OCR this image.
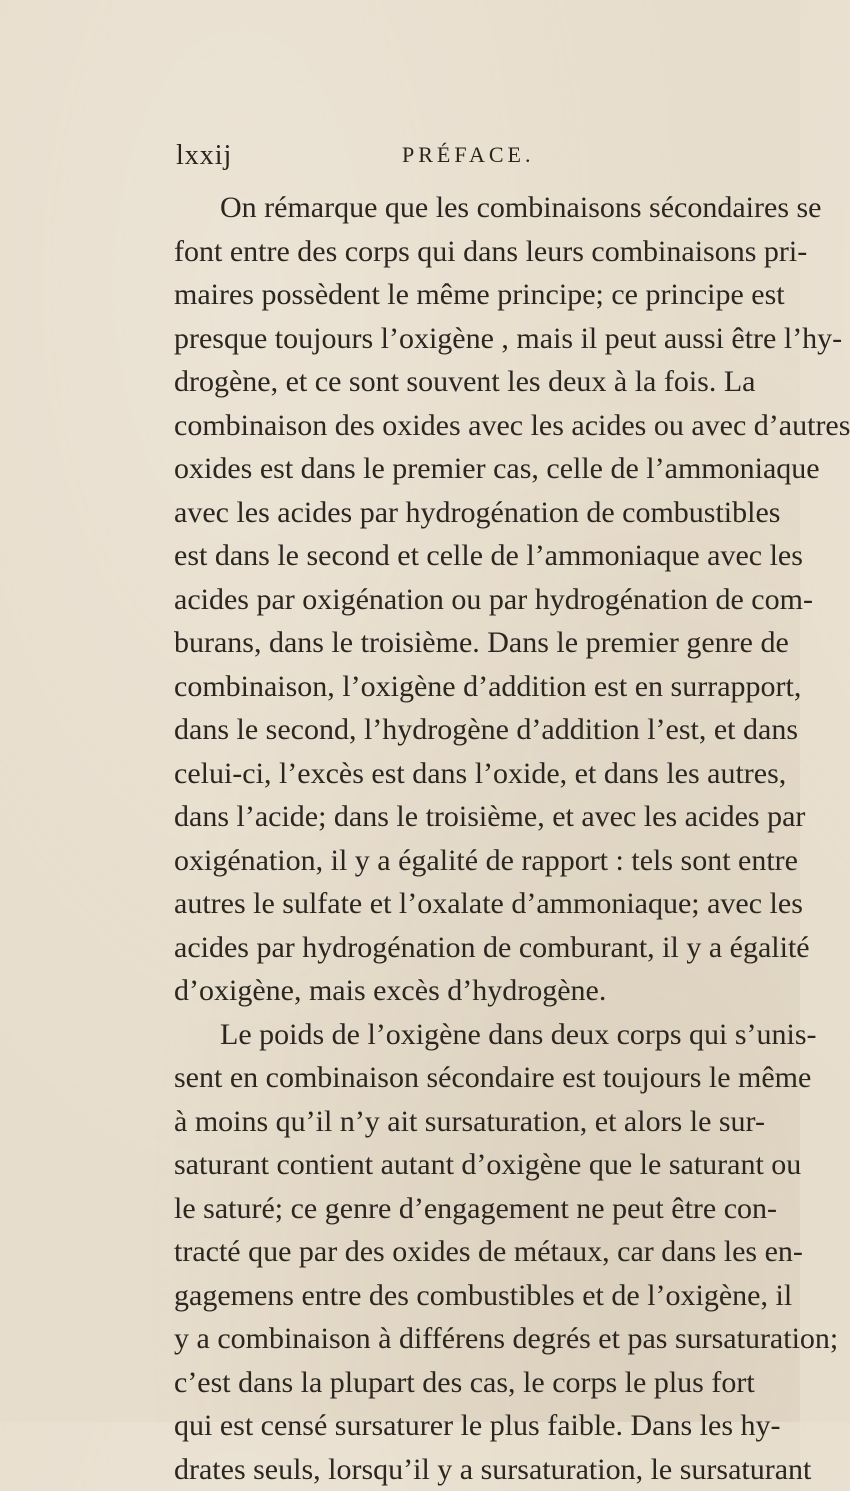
lxxij	PRÉFACE.
On rémarque que les combinaisons sécondaires se
font entre des corps qui dans leurs combinaisons pri-
maires possèdent le même principe; ce principe est
presque toujours l’oxigène , mais il peut aussi être l’hy-
drogène, et ce sont souvent les deux à la fois. La
combinaison des oxides avec les acides ou avec d’autres
oxides est dans le premier cas, celle de l’ammoniaque
avec les acides par hydrogénation de combustibles
est dans le second et celle de l’ammoniaque avec les
acides par oxigénation ou par hydrogénation de com-
burans, dans le troisième. Dans le premier genre de
combinaison, l’oxigène d’addition est en surrapport,
dans le second, l’hydrogène d’addition l’est, et dans
celui-ci, l’excès est dans l’oxide, et dans les autres,
dans l’acide; dans le troisième, et avec les acides par
oxigénation, il y a égalité de rapport : tels sont entre
autres le sulfate et l’oxalate d’ammoniaque; avec les
acides par hydrogénation de comburant, il y a égalité
d’oxigène, mais excès d’hydrogène.
Le poids de l’oxigène dans deux corps qui s’unis-
sent en combinaison sécondaire est toujours le même
à moins qu’il n’y ait sursaturation, et alors le sur-
saturant contient autant d’oxigène que le saturant ou
le saturé; ce genre d’engagement ne peut être con-
tracté que par des oxides de métaux, car dans les en-
gagemens entre des combustibles et de l’oxigène, il
y a combinaison à différens degrés et pas sursaturation;
c’est dans la plupart des cas, le corps le plus fort
qui est censé sursaturer le plus faible. Dans les hy-
drates seuls, lorsqu’il y a sursaturation, le sursaturant
